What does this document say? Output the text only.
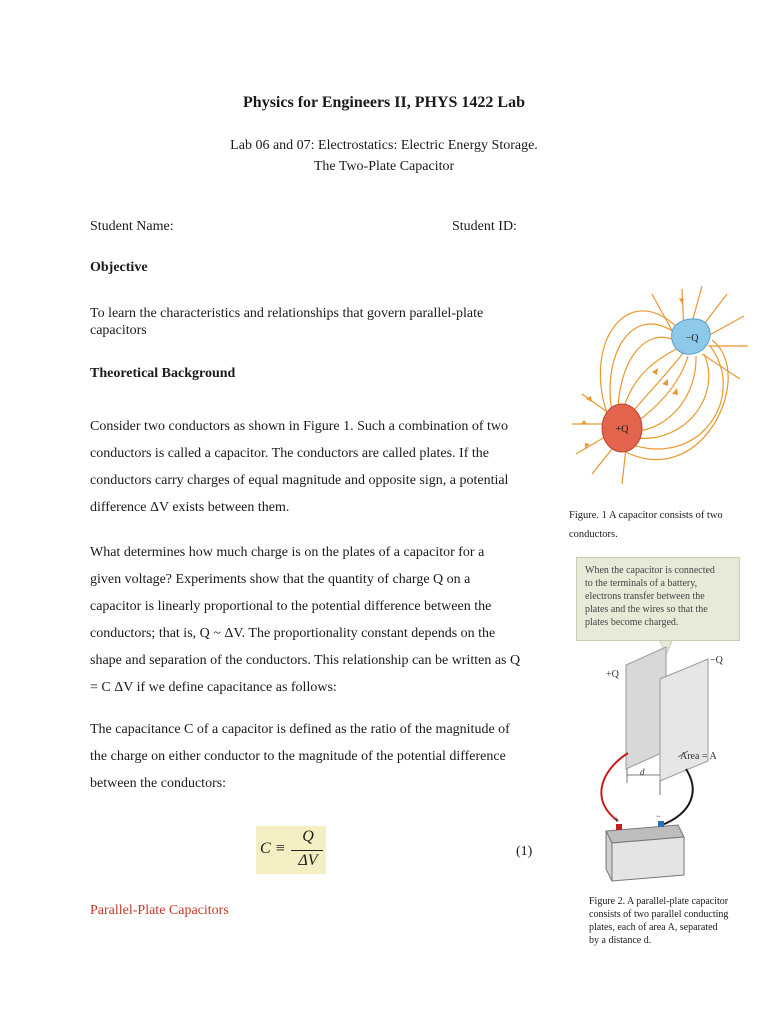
Physics for Engineers II, PHYS 1422 Lab
Lab 06 and 07: Electrostatics: Electric Energy Storage.
The Two-Plate Capacitor
Student Name:	Student ID:
Objective
To learn the characteristics and relationships that govern parallel-plate
capacitors
Theoretical Background
Consider two conductors as shown in Figure 1. Such a combination of two
conductors is called a capacitor. The conductors are called plates. If the
conductors carry charges of equal magnitude and opposite sign, a potential
difference ΔV exists between them.
What determines how much charge is on the plates of a capacitor for a
given voltage? Experiments show that the quantity of charge Q on a
capacitor is linearly proportional to the potential difference between the
conductors; that is, Q ~ ΔV. The proportionality constant depends on the
shape and separation of the conductors. This relationship can be written as Q
= C ΔV if we define capacitance as follows:
The capacitance C of a capacitor is defined as the ratio of the magnitude of
the charge on either conductor to the magnitude of the potential difference
between the conductors:
C ≡
Q
ΔV
(1)
Parallel-Plate Capacitors
−Q
+Q
Figure. 1 A capacitor consists of two
conductors.
When the capacitor is connected
to the terminals of a battery,
electrons transfer between the
plates and the wires so that the
plates become charged.
+Q
−Q
Area = A
d
+	−
Figure 2. A parallel-plate capacitor
consists of two parallel conducting
plates, each of area A, separated
by a distance d.
